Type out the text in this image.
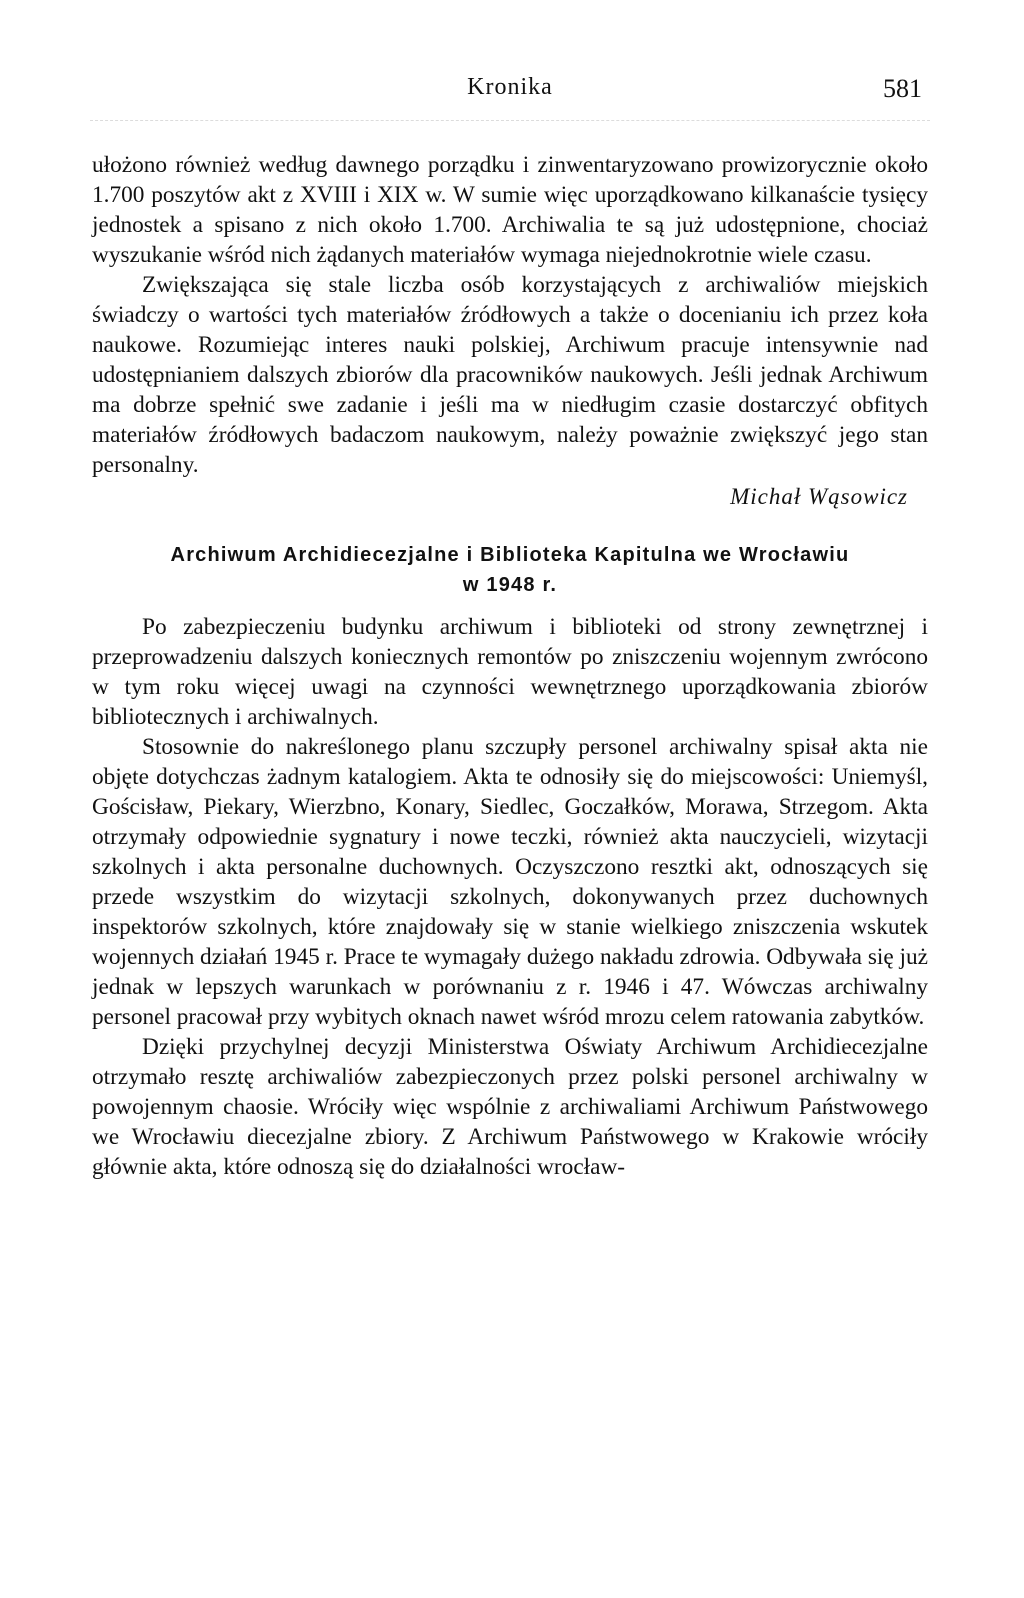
Kronika	581

ułożono również według dawnego porządku i zinwentaryzowano prowizorycznie około 1.700 poszytów akt z XVIII i XIX w. W sumie więc uporządkowano kilkanaście tysięcy jednostek a spisano z nich około 1.700. Archiwalia te są już udostępnione, chociaż wyszukanie wśród nich żądanych materiałów wymaga niejednokrotnie wiele czasu.

Zwiększająca się stale liczba osób korzystających z archiwaliów miejskich świadczy o wartości tych materiałów źródłowych a także o docenianiu ich przez koła naukowe. Rozumiejąc interes nauki polskiej, Archiwum pracuje intensywnie nad udostępnianiem dalszych zbiorów dla pracowników naukowych. Jeśli jednak Archiwum ma dobrze spełnić swe zadanie i jeśli ma w niedługim czasie dostarczyć obfitych materiałów źródłowych badaczom naukowym, należy poważnie zwiększyć jego stan personalny.

Michał Wąsowicz
Archiwum Archidiecezjalne i Biblioteka Kapitulna we Wrocławiu
w 1948 r.

Po zabezpieczeniu budynku archiwum i biblioteki od strony zewnętrznej i przeprowadzeniu dalszych koniecznych remontów po zniszczeniu wojennym zwrócono w tym roku więcej uwagi na czynności wewnętrznego uporządkowania zbiorów bibliotecznych i archiwalnych.

Stosownie do nakreślonego planu szczupły personel archiwalny spisał akta nie objęte dotychczas żadnym katalogiem. Akta te odnosiły się do miejscowości: Uniemyśl, Gościsław, Piekary, Wierzbno, Konary, Siedlec, Goczałków, Morawa, Strzegom. Akta otrzymały odpowiednie sygnatury i nowe teczki, również akta nauczycieli, wizytacji szkolnych i akta personalne duchownych. Oczyszczono resztki akt, odnoszących się przede wszystkim do wizytacji szkolnych, dokonywanych przez duchownych inspektorów szkolnych, które znajdowały się w stanie wielkiego zniszczenia wskutek wojennych działań 1945 r. Prace te wymagały dużego nakładu zdrowia. Odbywała się już jednak w lepszych warunkach w porównaniu z r. 1946 i 47. Wówczas archiwalny personel pracował przy wybitych oknach nawet wśród mrozu celem ratowania zabytków.

Dzięki przychylnej decyzji Ministerstwa Oświaty Archiwum Archidiecezjalne otrzymało resztę archiwaliów zabezpieczonych przez polski personel archiwalny w powojennym chaosie. Wróciły więc wspólnie z archiwaliami Archiwum Państwowego we Wrocławiu diecezjalne zbiory. Z Archiwum Państwowego w Krakowie wróciły głównie akta, które odnoszą się do działalności wrocław-
